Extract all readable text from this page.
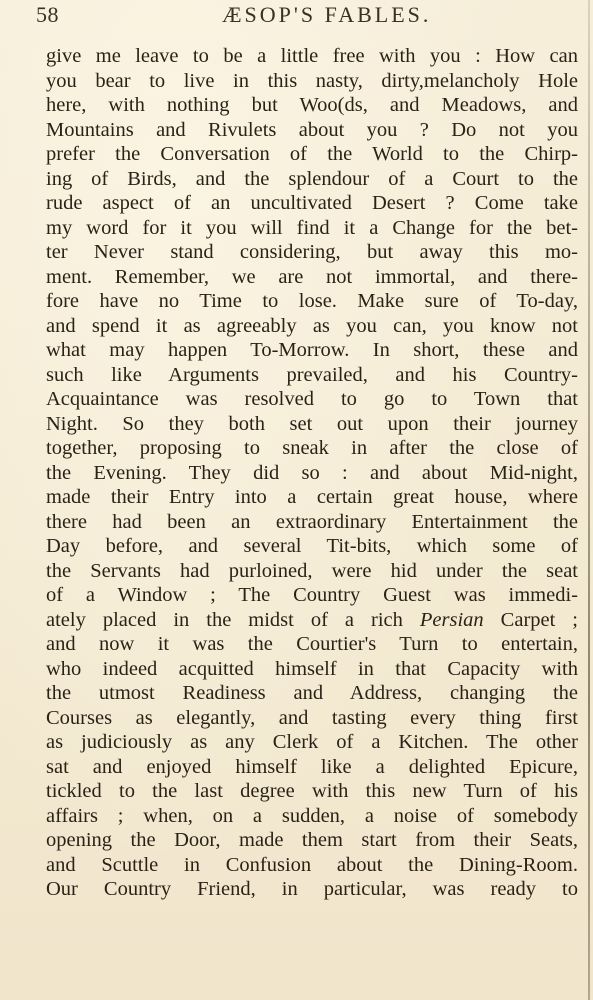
58	ÆSOP'S FABLES.
give me leave to be a little free with you : How can
you bear to live in this nasty, dirty,melancholy Hole
here, with nothing but Woo(ds, and Meadows, and
Mountains and Rivulets about you ? Do not you
prefer the Conversation of the World to the Chirp-
ing of Birds, and the splendour of a Court to the
rude aspect of an uncultivated Desert ? Come take
my word for it you will find it a Change for the bet-
ter Never stand considering, but away this mo-
ment. Remember, we are not immortal, and there-
fore have no Time to lose. Make sure of To-day,
and spend it as agreeably as you can, you know not
what may happen To-Morrow. In short, these and
such like Arguments prevailed, and his Country-
Acquaintance was resolved to go to Town that
Night. So they both set out upon their journey
together, proposing to sneak in after the close of
the Evening. They did so : and about Mid-night,
made their Entry into a certain great house, where
there had been an extraordinary Entertainment the
Day before, and several Tit-bits, which some of
the Servants had purloined, were hid under the seat
of a Window ; The Country Guest was immedi-
ately placed in the midst of a rich Persian Carpet ;
and now it was the Courtier's Turn to entertain,
who indeed acquitted himself in that Capacity with
the utmost Readiness and Address, changing the
Courses as elegantly, and tasting every thing first
as judiciously as any Clerk of a Kitchen. The other
sat and enjoyed himself like a delighted Epicure,
tickled to the last degree with this new Turn of his
affairs ; when, on a sudden, a noise of somebody
opening the Door, made them start from their Seats,
and Scuttle in Confusion about the Dining-Room.
Our Country Friend, in particular, was ready to
